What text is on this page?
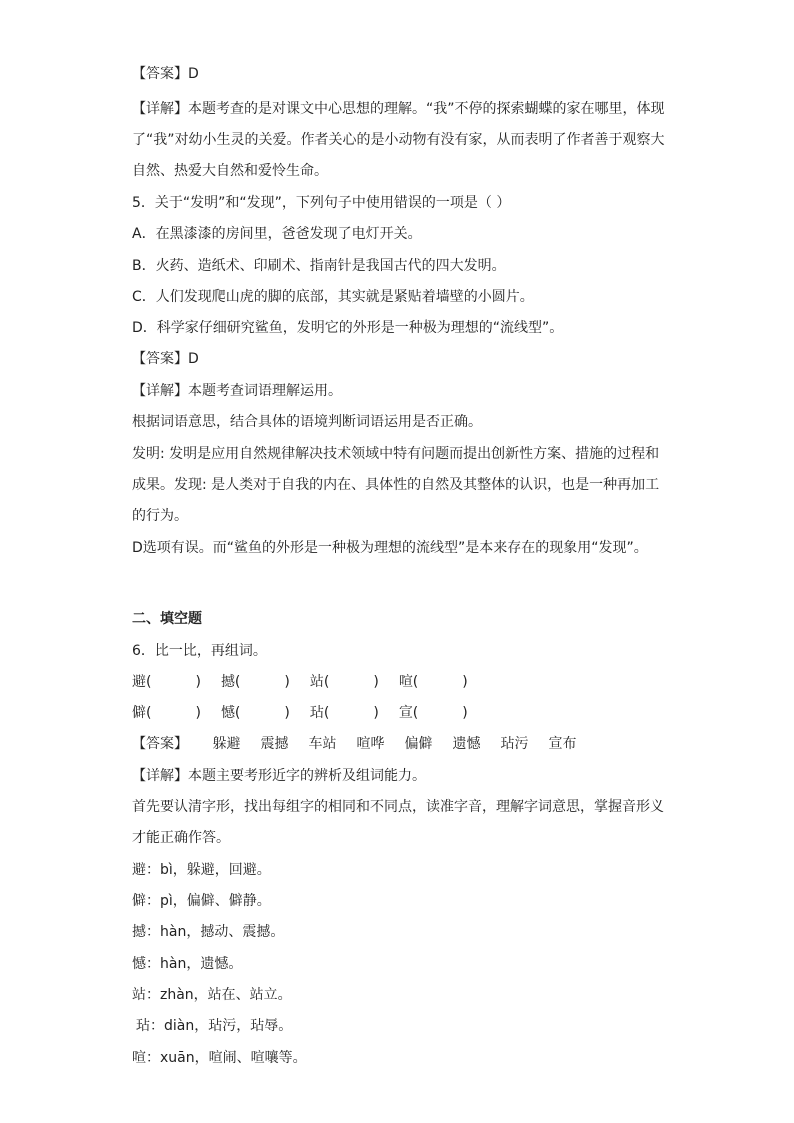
【答案】D
【详解】本题考查的是对课文中心思想的理解。“我”不停的探索蝴蝶的家在哪里，体现
了“我”对幼小生灵的关爱。作者关心的是小动物有没有家，从而表明了作者善于观察大
自然、热爱大自然和爱怜生命。
5．关于“发明”和“发现”，下列句子中使用错误的一项是（ ）
A．在黑漆漆的房间里，爸爸发现了电灯开关。
B．火药、造纸术、印刷术、指南针是我国古代的四大发明。
C．人们发现爬山虎的脚的底部，其实就是紧贴着墙壁的小圆片。
D．科学家仔细研究鲨鱼，发明它的外形是一种极为理想的“流线型”。
【答案】D
【详解】本题考查词语理解运用。
根据词语意思，结合具体的语境判断词语运用是否正确。
发明: 发明是应用自然规律解决技术领域中特有问题而提出创新性方案、措施的过程和
成果。发现: 是人类对于自我的内在、具体性的自然及其整体的认识，也是一种再加工
的行为。
D选项有误。而“鲨鱼的外形是一种极为理想的流线型”是本来存在的现象用“发现”。
二、填空题
6．比一比，再组词。
【详解】本题主要考形近字的辨析及组词能力。
首先要认清字形，找出每组字的相同和不同点，读准字音，理解字词意思，掌握音形义
才能正确作答。
避：bì，躲避，回避。
僻：pì，偏僻、僻静。
撼：hàn，撼动、震撼。
憾：hàn，遗憾。
站：zhàn，站在、站立。
玷：diàn，玷污，玷辱。
喧：xuān，喧闹、喧嚷等。
避(	) 撼(	) 站(	) 喧(	)
僻(	) 憾(	) 玷(	) 宣(	)
【答案】 躲避 震撼 车站 喧哗 偏僻 遗憾 玷污 宣布
